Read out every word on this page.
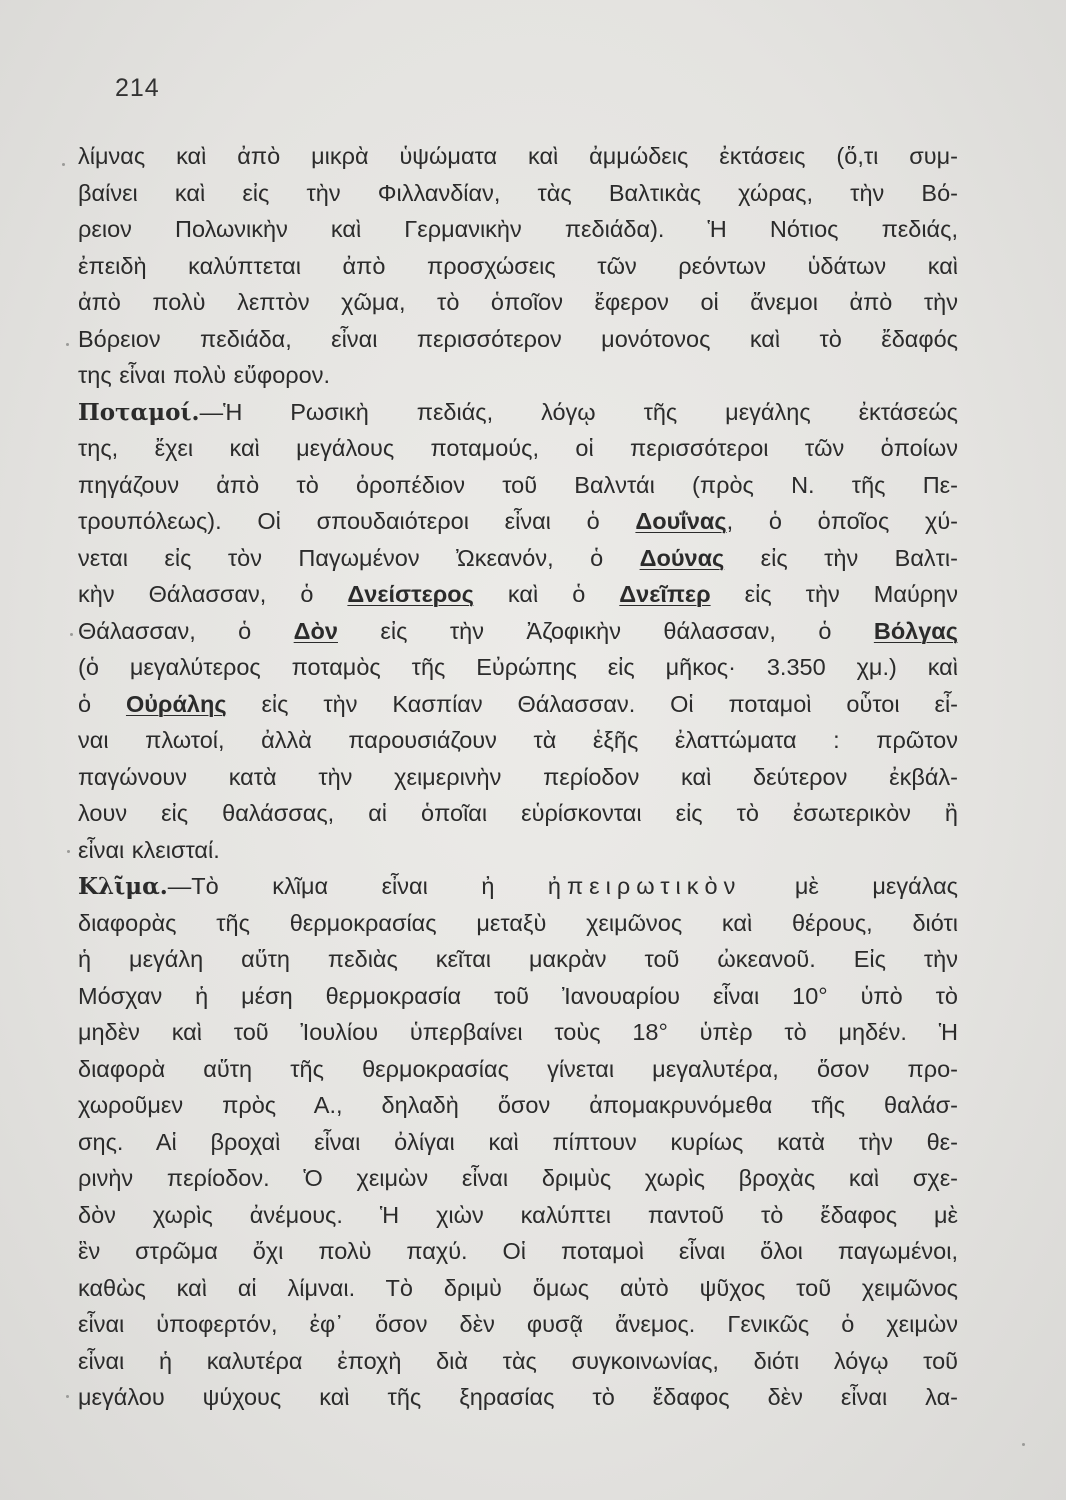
214
λίμνας καὶ ἀπὸ μικρὰ ὑψώματα καὶ ἀμμώδεις ἐκτάσεις (ὅ,τι συμ-
βαίνει καὶ εἰς τὴν Φιλλανδίαν, τὰς Βαλτικὰς χώρας, τὴν Βό-
ρειον Πολωνικὴν καὶ Γερμανικὴν πεδιάδα). Ἡ Νότιος πεδιάς,
ἐπειδὴ καλύπτεται ἀπὸ προσχώσεις τῶν ρεόντων ὑδάτων καὶ
ἀπὸ πολὺ λεπτὸν χῶμα, τὸ ὁποῖον ἔφερον οἱ ἄνεμοι ἀπὸ τὴν
Βόρειον πεδιάδα, εἶναι περισσότερον μονότονος καὶ τὸ ἔδαφός
της εἶναι πολὺ εὔφορον.
Ποταμοί.—Ἡ Ρωσικὴ πεδιάς, λόγῳ τῆς μεγάλης ἐκτάσεώς
της, ἔχει καὶ μεγάλους ποταμούς, οἱ περισσότεροι τῶν ὁποίων
πηγάζουν ἀπὸ τὸ ὀροπέδιον τοῦ Βαλντάι (πρὸς Ν. τῆς Πε-
τρουπόλεως). Οἱ σπουδαιότεροι εἶναι ὁ Δουΐνας, ὁ ὁποῖος χύ-
νεται εἰς τὸν Παγωμένον Ὠκεανόν, ὁ Δούνας εἰς τὴν Βαλτι-
κὴν Θάλασσαν, ὁ Δνείστερος καὶ ὁ Δνεῖπερ εἰς τὴν Μαύρην
Θάλασσαν, ὁ Δὸν εἰς τὴν Ἀζοφικὴν θάλασσαν, ὁ Βόλγας
(ὁ μεγαλύτερος ποταμὸς τῆς Εὐρώπης εἰς μῆκος· 3.350 χμ.) καὶ
ὁ Οὐράλης εἰς τὴν Κασπίαν Θάλασσαν. Οἱ ποταμοὶ οὗτοι εἶ-
ναι πλωτοί, ἀλλὰ παρουσιάζουν τὰ ἑξῆς ἐλαττώματα : πρῶτον
παγώνουν κατὰ τὴν χειμερινὴν περίοδον καὶ δεύτερον ἐκβάλ-
λουν εἰς θαλάσσας, αἱ ὁποῖαι εὑρίσκονται εἰς τὸ ἐσωτερικὸν ἢ
εἶναι κλεισταί.
Κλῖμα.—Τὸ κλῖμα εἶναι ἠ ἠπειρωτικὸν μὲ μεγάλας
διαφορὰς τῆς θερμοκρασίας μεταξὺ χειμῶνος καὶ θέρους, διότι
ἡ μεγάλη αὕτη πεδιὰς κεῖται μακρὰν τοῦ ὠκεανοῦ. Εἰς τὴν
Μόσχαν ἡ μέση θερμοκρασία τοῦ Ἰανουαρίου εἶναι 10° ὑπὸ τὸ
μηδὲν καὶ τοῦ Ἰουλίου ὑπερβαίνει τοὺς 18° ὑπὲρ τὸ μηδέν. Ἡ
διαφορὰ αὕτη τῆς θερμοκρασίας γίνεται μεγαλυτέρα, ὅσον προ-
χωροῦμεν πρὸς Α., δηλαδὴ ὅσον ἀπομακρυνόμεθα τῆς θαλάσ-
σης. Αἱ βροχαὶ εἶναι ὀλίγαι καὶ πίπτουν κυρίως κατὰ τὴν θε-
ρινὴν περίοδον. Ὁ χειμὼν εἶναι δριμὺς χωρὶς βροχὰς καὶ σχε-
δὸν χωρὶς ἀνέμους. Ἡ χιὼν καλύπτει παντοῦ τὸ ἔδαφος μὲ
ἓν στρῶμα ὄχι πολὺ παχύ. Οἱ ποταμοὶ εἶναι ὅλοι παγωμένοι,
καθὼς καὶ αἱ λίμναι. Τὸ δριμὺ ὅμως αὐτὸ ψῦχος τοῦ χειμῶνος
εἶναι ὑποφερτόν, ἐφ᾽ ὅσον δὲν φυσᾷ ἄνεμος. Γενικῶς ὁ χειμὼν
εἶναι ἡ καλυτέρα ἐποχὴ διὰ τὰς συγκοινωνίας, διότι λόγῳ τοῦ
μεγάλου ψύχους καὶ τῆς ξηρασίας τὸ ἔδαφος δὲν εἶναι λα-
